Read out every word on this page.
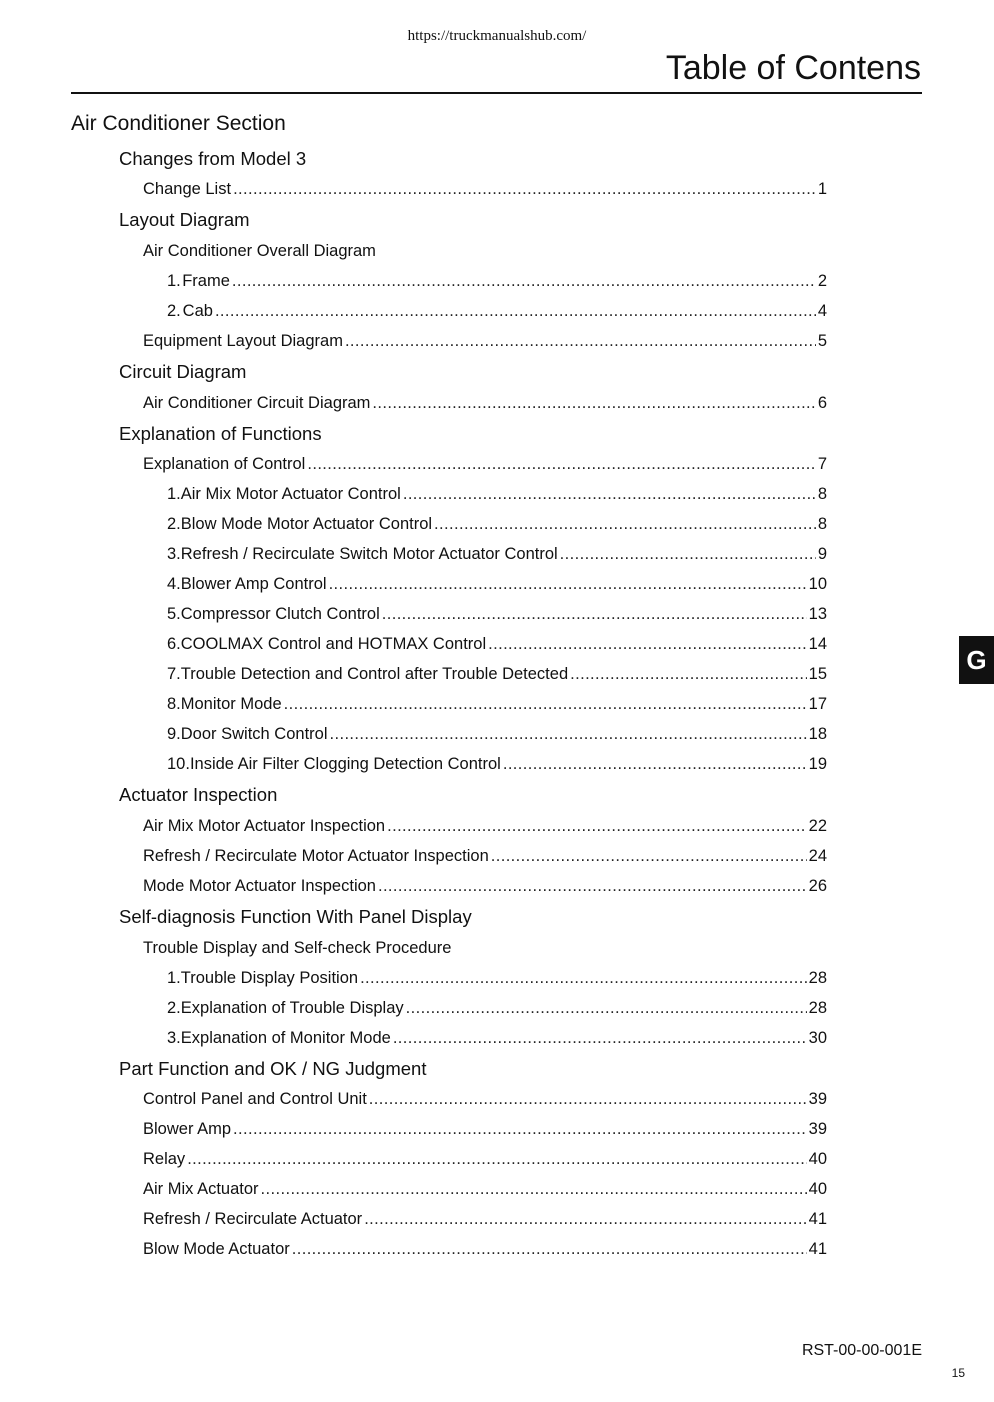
https://truckmanualshub.com/
Table of Contens
Air Conditioner Section
Changes from Model 3
Change List .....	1
Layout Diagram
Air Conditioner Overall Diagram
1. Frame .....	2
2. Cab .....	4
Equipment Layout Diagram .....	5
Circuit Diagram
Air Conditioner Circuit Diagram .....	6
Explanation of Functions
Explanation of Control .....	7
1. Air Mix Motor Actuator Control .....	8
2. Blow Mode Motor Actuator Control .....	8
3. Refresh / Recirculate Switch Motor Actuator Control .....	9
4. Blower Amp Control .....	10
5. Compressor Clutch Control .....	13
6. COOLMAX Control and HOTMAX Control .....	14
7. Trouble Detection and Control after Trouble Detected .....	15
8. Monitor Mode .....	17
9. Door Switch Control .....	18
10. Inside Air Filter Clogging Detection Control .....	19
Actuator Inspection
Air Mix Motor Actuator Inspection .....	22
Refresh / Recirculate Motor Actuator Inspection .....	24
Mode Motor Actuator Inspection .....	26
Self-diagnosis Function With Panel Display
Trouble Display and Self-check Procedure
1. Trouble Display Position .....	28
2. Explanation of Trouble Display .....	28
3. Explanation of Monitor Mode .....	30
Part Function and OK / NG Judgment
Control Panel and Control Unit .....	39
Blower Amp .....	39
Relay .....	40
Air Mix Actuator .....	40
Refresh / Recirculate Actuator .....	41
Blow Mode Actuator .....	41
G
RST-00-00-001E
15
